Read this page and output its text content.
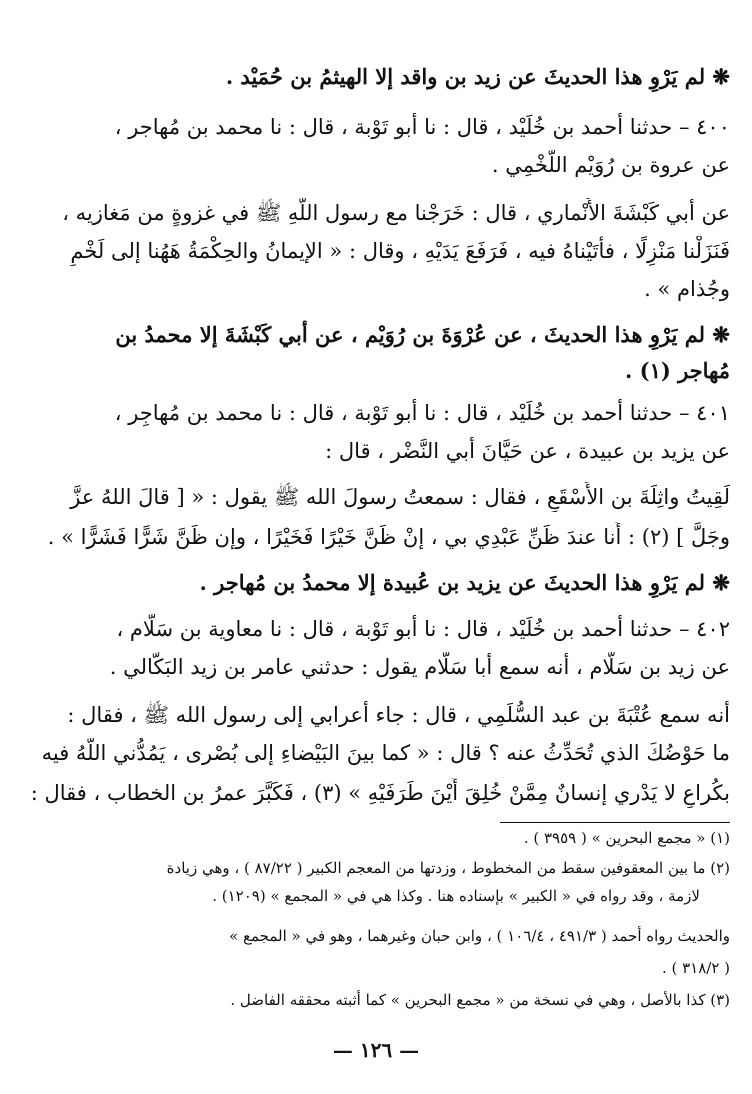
❋ لم يَرْوِ هذا الحديثَ عن زيد بن واقد إلا الهيثمُ بن حُمَيْد .
٤٠٠ – حدثنا أحمد بن خُلَيْد ، قال : نا أبو تَوْبة ، قال : نا محمد بن مُهاجر ،
عن عروة بن رُوَيْم اللَّخْمِي .
عن أبي كَبْشَةَ الأَنْماري ، قال : خَرَجْنا مع رسول اللَّهِ ﷺ في غزوةٍ من مَغازيه ،
فَنَزَلْنا مَنْزِلًا ، فأَتَيْناهُ فيه ، فَرَفَعَ يَدَيْهِ ، وقال : « الإيمانُ والحِكْمَةُ هَهُنا إلى لَخْمٍ
وجُذام » .
❋ لم يَرْوِ هذا الحديثَ ، عن عُرْوَةَ بن رُوَيْم ، عن أبي كَبْشَةَ إلا محمدُ بن
مُهاجر (١) .
٤٠١ – حدثنا أحمد بن خُلَيْد ، قال : نا أبو تَوْبة ، قال : نا محمد بن مُهاجِر ،
عن يزيد بن عبيدة ، عن حَيَّانَ أبي النَّضْر ، قال :
لَقِيتُ واثِلَةَ بن الأَسْقَعِ ، فقال : سمعتُ رسولَ الله ﷺ يقول : « [ قالَ اللهُ عزَّ
وجَلَّ ] (٢) : أَنا عندَ ظَنِّ عَبْدِي بي ، إنْ ظَنَّ خَيْرًا فَخَيْرًا ، وإن ظَنَّ شَرًّا فَشَرًّا » .
❋ لم يَرْوِ هذا الحديثَ عن يزيد بن عُبيدة إلا محمدُ بن مُهاجر .
٤٠٢ – حدثنا أحمد بن خُلَيْد ، قال : نا أبو تَوْبة ، قال : نا معاوية بن سَلَّام ،
عن زيد بن سَلَّام ، أنه سمع أبا سَلَّام يقول : حدثني عامر بن زيد البَكَّالي .
أنه سمع عُتْبَةَ بن عبد السُّلَمِي ، قال : جاء أعرابي إلى رسول الله ﷺ ، فقال :
ما حَوْضُكَ الذي تُحَدِّثُ عنه ؟ قال : « كما بينَ البَيْضاءِ إلى بُصْرى ، يَمُدُّني اللَّهُ فيه
بكُراعٍ لا يَدْري إنسانٌ مِمَّنْ خُلِقَ أَيْنَ طَرَفَيْهِ » (٣) ، فَكَبَّرَ عمرُ بن الخطاب ، فقال :
(١) « مجمع البحرين » ( ٣٩٥٩ ) .
(٢) ما بين المعقوفين سقط من المخطوط ، وزدتها من المعجم الكبير ( ٨٧/٢٢ ) ، وهي زيادة
لازمة ، وقد رواه في « الكبير » بإسناده هنا . وكذا هي في « المجمع » (١٢٠٩) .
والحديث رواه أحمد ( ٤٩١/٣ ، ١٠٦/٤ ) ، وابن حبان وغيرهما ، وهو في « المجمع »
( ٣١٨/٢ ) .
(٣) كذا بالأصل ، وهي في نسخة من « مجمع البحرين » كما أثبته محققه الفاضل .
— ١٢٦ —
